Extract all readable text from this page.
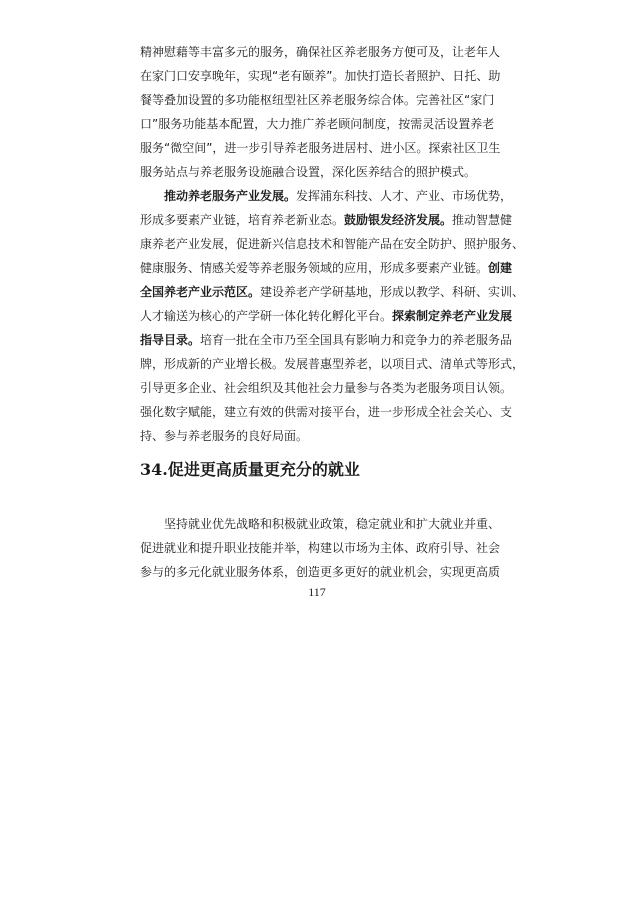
精神慰藉等丰富多元的服务，确保社区养老服务方便可及，让老年人
在家门口安享晚年，实现“老有颐养”。加快打造长者照护、日托、助
餐等叠加设置的多功能枢纽型社区养老服务综合体。完善社区“家门
口”服务功能基本配置，大力推广养老顾问制度，按需灵活设置养老
服务“微空间”，进一步引导养老服务进居村、进小区。探索社区卫生
服务站点与养老服务设施融合设置，深化医养结合的照护模式。
推动养老服务产业发展。发挥浦东科技、人才、产业、市场优势，
形成多要素产业链，培育养老新业态。鼓励银发经济发展。推动智慧健
康养老产业发展，促进新兴信息技术和智能产品在安全防护、照护服务、
健康服务、情感关爱等养老服务领域的应用，形成多要素产业链。创建
全国养老产业示范区。建设养老产学研基地，形成以教学、科研、实训、
人才输送为核心的产学研一体化转化孵化平台。探索制定养老产业发展
指导目录。培育一批在全市乃至全国具有影响力和竞争力的养老服务品
牌，形成新的产业增长极。发展普惠型养老，以项目式、清单式等形式，
引导更多企业、社会组织及其他社会力量参与各类为老服务项目认领。
强化数字赋能，建立有效的供需对接平台，进一步形成全社会关心、支
持、参与养老服务的良好局面。
34.促进更高质量更充分的就业
坚持就业优先战略和积极就业政策，稳定就业和扩大就业并重、
促进就业和提升职业技能并举，构建以市场为主体、政府引导、社会
参与的多元化就业服务体系，创造更多更好的就业机会，实现更高质
117
